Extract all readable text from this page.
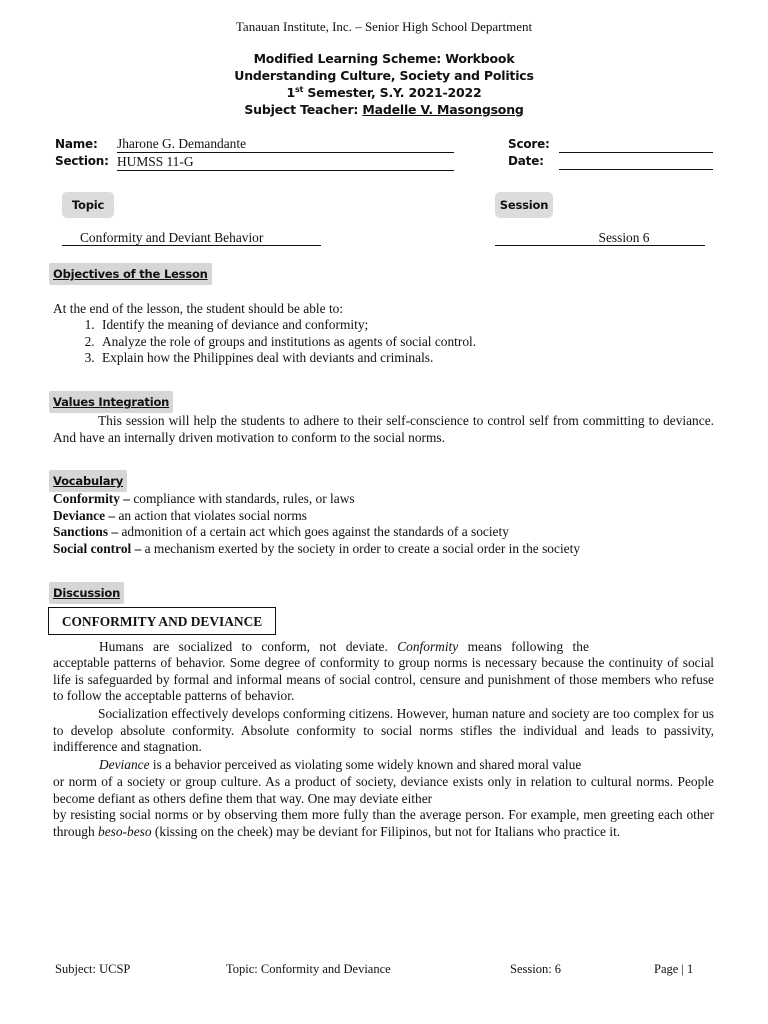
Tanauan Institute, Inc. – Senior High School Department
Modified Learning Scheme: Workbook
Understanding Culture, Society and Politics
1st Semester, S.Y. 2021-2022
Subject Teacher: Madelle V. Masongsong
Name: Jharone G. Demandante
Section: HUMSS 11-G
Score:
Date:
Topic	Session
Conformity and Deviant Behavior	Session 6
Objectives of the Lesson
At the end of the lesson, the student should be able to:
1. Identify the meaning of deviance and conformity;
2. Analyze the role of groups and institutions as agents of social control.
3. Explain how the Philippines deal with deviants and criminals.
Values Integration
This session will help the students to adhere to their self-conscience to control self from committing to deviance. And have an internally driven motivation to conform to the social norms.
Vocabulary
Conformity – compliance with standards, rules, or laws
Deviance – an action that violates social norms
Sanctions – admonition of a certain act which goes against the standards of a society
Social control – a mechanism exerted by the society in order to create a social order in the society
Discussion
CONFORMITY AND DEVIANCE
Humans are socialized to conform, not deviate. Conformity means following the
acceptable patterns of behavior. Some degree of conformity to group norms is necessary because the continuity of social life is safeguarded by formal and informal means of social control, censure and punishment of those members who refuse to follow the acceptable patterns of behavior.
Socialization effectively develops conforming citizens. However, human nature and society are too complex for us to develop absolute conformity. Absolute conformity to social norms stifles the individual and leads to passivity, indifference and stagnation.
Deviance is a behavior perceived as violating some widely known and shared moral value
or norm of a society or group culture. As a product of society, deviance exists only in relation to cultural norms. People become defiant as others define them that way. One may deviate either
by resisting social norms or by observing them more fully than the average person. For example, men greeting each other through beso-beso (kissing on the cheek) may be deviant for Filipinos, but not for Italians who practice it.
Subject: UCSP	Topic: Conformity and Deviance	Session: 6	Page | 1
